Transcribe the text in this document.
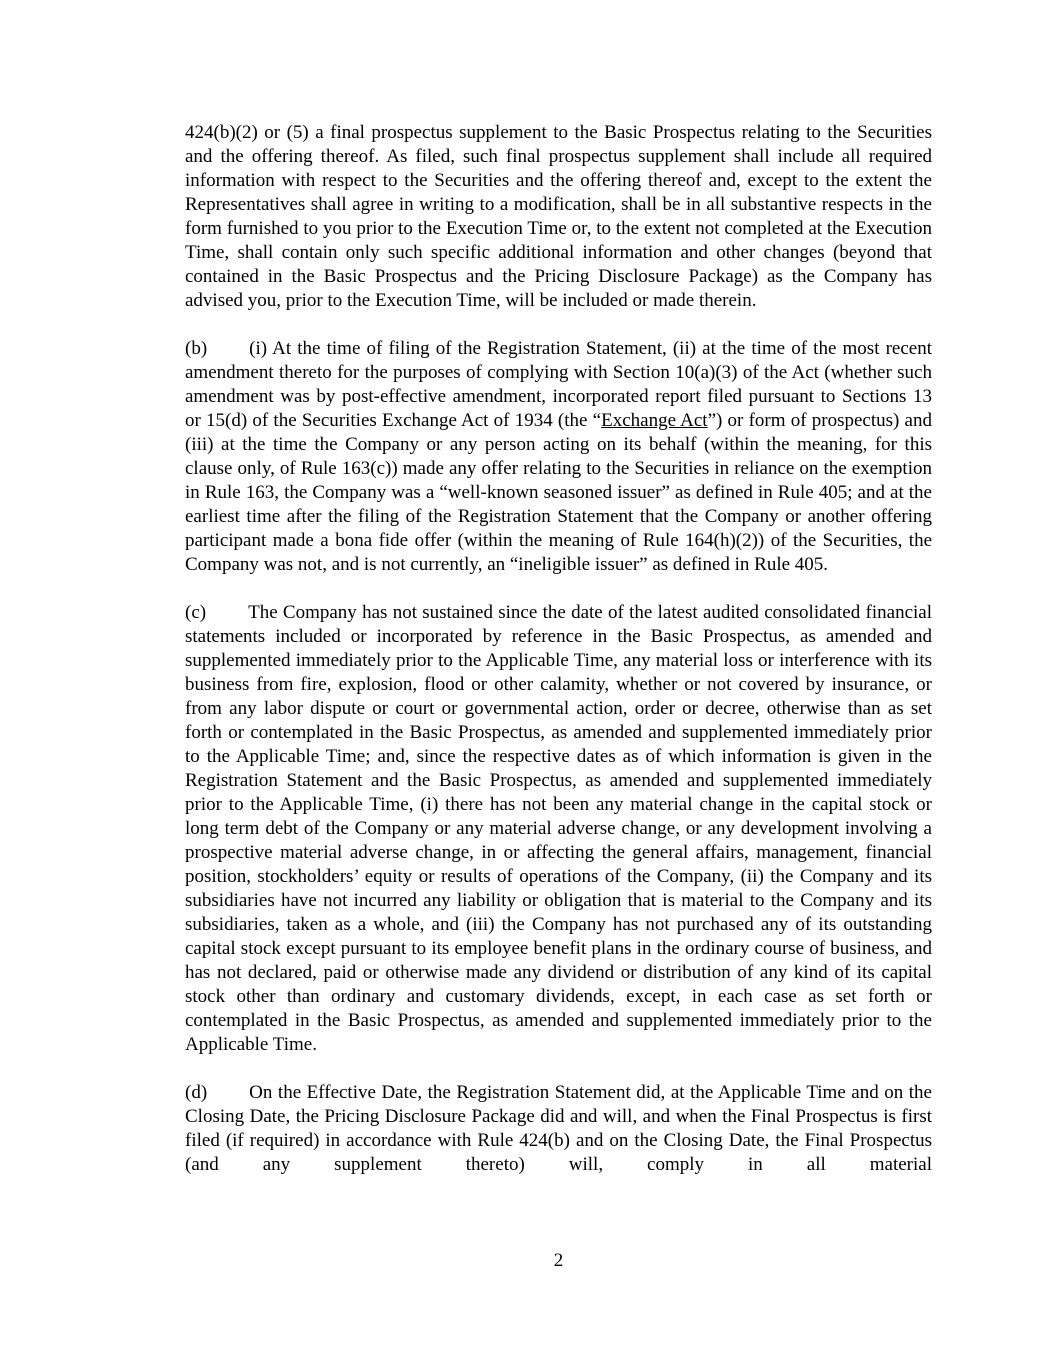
424(b)(2) or (5) a final prospectus supplement to the Basic Prospectus relating to the Securities and the offering thereof. As filed, such final prospectus supplement shall include all required information with respect to the Securities and the offering thereof and, except to the extent the Representatives shall agree in writing to a modification, shall be in all substantive respects in the form furnished to you prior to the Execution Time or, to the extent not completed at the Execution Time, shall contain only such specific additional information and other changes (beyond that contained in the Basic Prospectus and the Pricing Disclosure Package) as the Company has advised you, prior to the Execution Time, will be included or made therein.

(b) (i) At the time of filing of the Registration Statement, (ii) at the time of the most recent amendment thereto for the purposes of complying with Section 10(a)(3) of the Act (whether such amendment was by post-effective amendment, incorporated report filed pursuant to Sections 13 or 15(d) of the Securities Exchange Act of 1934 (the “Exchange Act”) or form of prospectus) and (iii) at the time the Company or any person acting on its behalf (within the meaning, for this clause only, of Rule 163(c)) made any offer relating to the Securities in reliance on the exemption in Rule 163, the Company was a “well-known seasoned issuer” as defined in Rule 405; and at the earliest time after the filing of the Registration Statement that the Company or another offering participant made a bona fide offer (within the meaning of Rule 164(h)(2)) of the Securities, the Company was not, and is not currently, an “ineligible issuer” as defined in Rule 405.

(c) The Company has not sustained since the date of the latest audited consolidated financial statements included or incorporated by reference in the Basic Prospectus, as amended and supplemented immediately prior to the Applicable Time, any material loss or interference with its business from fire, explosion, flood or other calamity, whether or not covered by insurance, or from any labor dispute or court or governmental action, order or decree, otherwise than as set forth or contemplated in the Basic Prospectus, as amended and supplemented immediately prior to the Applicable Time; and, since the respective dates as of which information is given in the Registration Statement and the Basic Prospectus, as amended and supplemented immediately prior to the Applicable Time, (i) there has not been any material change in the capital stock or long term debt of the Company or any material adverse change, or any development involving a prospective material adverse change, in or affecting the general affairs, management, financial position, stockholders’ equity or results of operations of the Company, (ii) the Company and its subsidiaries have not incurred any liability or obligation that is material to the Company and its subsidiaries, taken as a whole, and (iii) the Company has not purchased any of its outstanding capital stock except pursuant to its employee benefit plans in the ordinary course of business, and has not declared, paid or otherwise made any dividend or distribution of any kind of its capital stock other than ordinary and customary dividends, except, in each case as set forth or contemplated in the Basic Prospectus, as amended and supplemented immediately prior to the Applicable Time.

(d) On the Effective Date, the Registration Statement did, at the Applicable Time and on the Closing Date, the Pricing Disclosure Package did and will, and when the Final Prospectus is first filed (if required) in accordance with Rule 424(b) and on the Closing Date, the Final Prospectus (and any supplement thereto) will, comply in all material

2
